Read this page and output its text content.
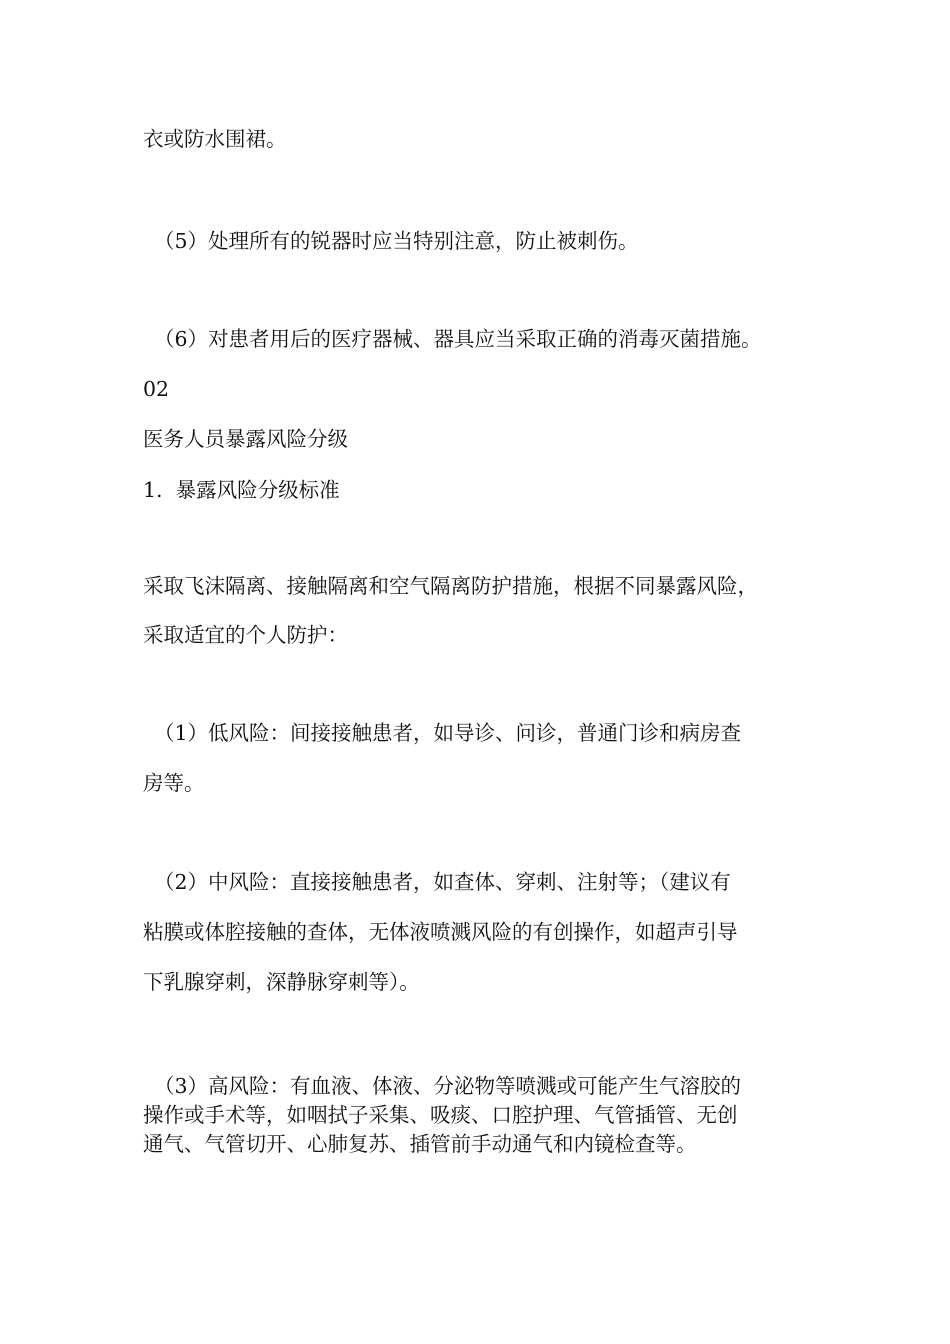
衣或防水围裙。
（5）处理所有的锐器时应当特别注意，防止被刺伤。
（6）对患者用后的医疗器械、器具应当采取正确的消毒灭菌措施。
02
医务人员暴露风险分级
1.  暴露风险分级标准
采取飞沫隔离、接触隔离和空气隔离防护措施，根据不同暴露风险，
采取适宜的个人防护：
（1）低风险：间接接触患者，如导诊、问诊，普通门诊和病房查
房等。
（2）中风险：直接接触患者，如查体、穿刺、注射等；（建议有
粘膜或体腔接触的查体，无体液喷溅风险的有创操作，如超声引导
下乳腺穿刺，深静脉穿刺等）。
（3）高风险：有血液、体液、分泌物等喷溅或可能产生气溶胶的
操作或手术等，如咽拭子采集、吸痰、口腔护理、气管插管、无创
通气、气管切开、心肺复苏、插管前手动通气和内镜检查等。
